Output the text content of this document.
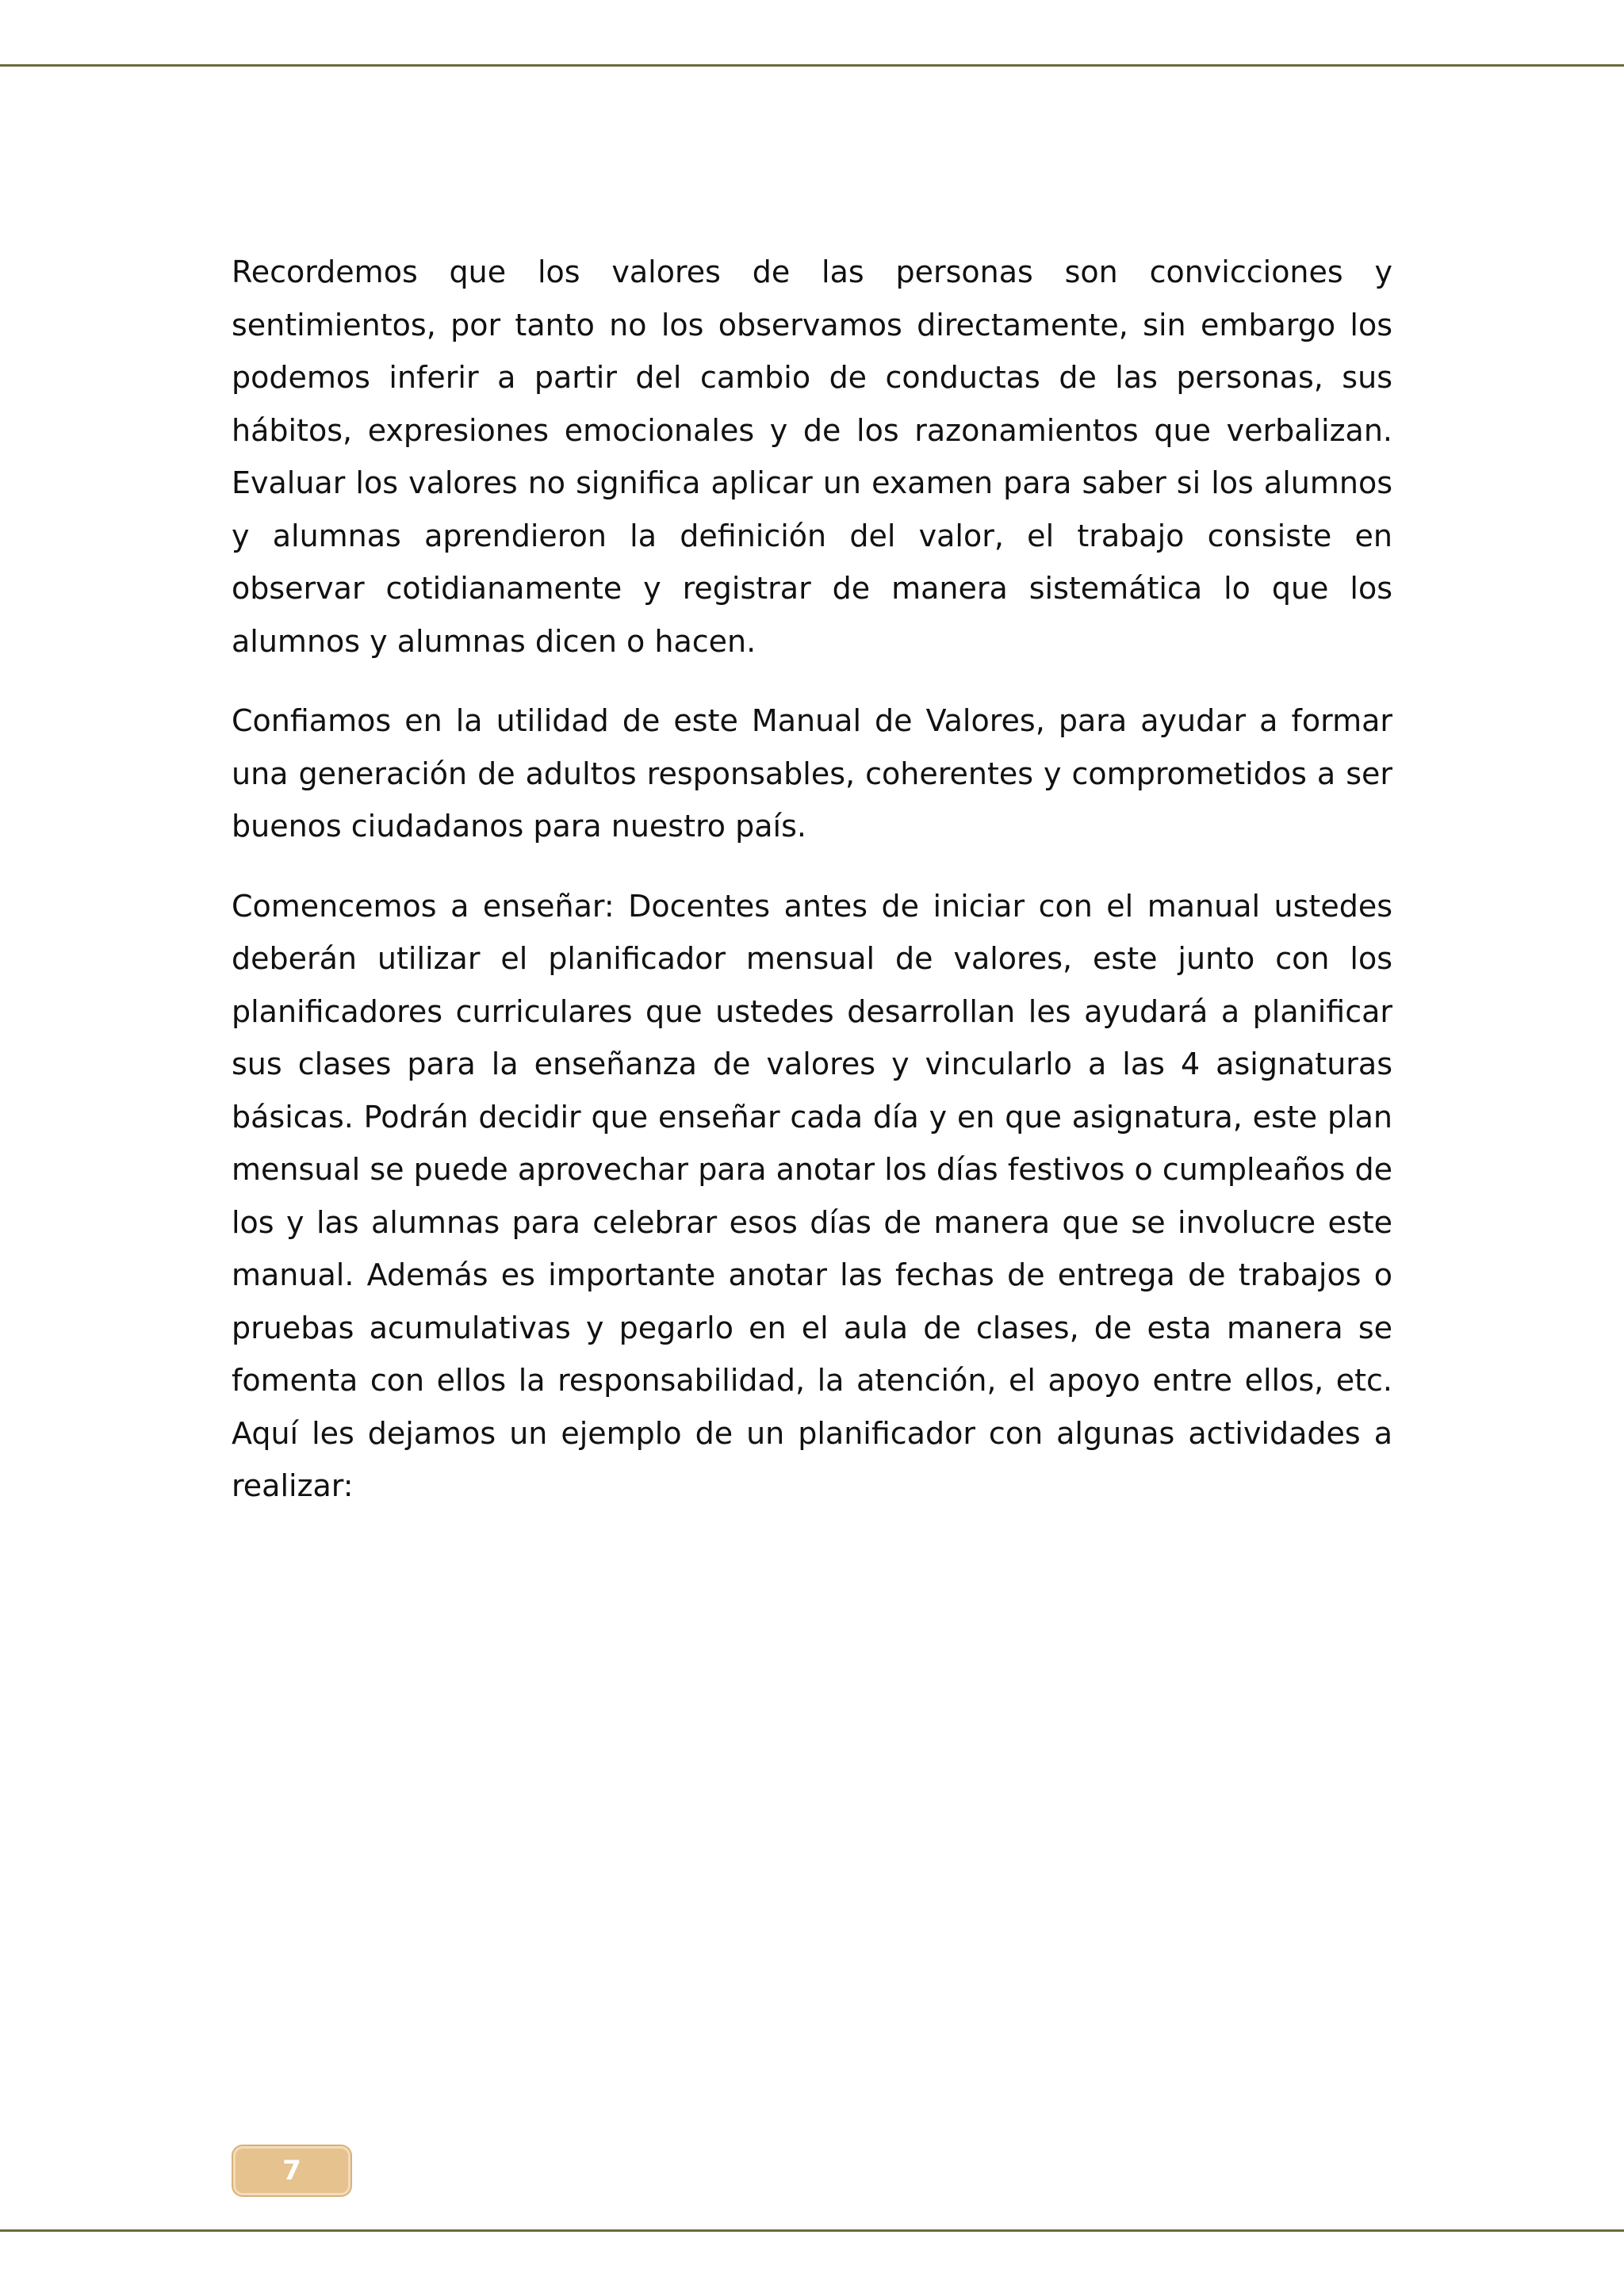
Recordemos que los valores de las personas son convicciones y sentimientos, por tanto no los observamos directamente, sin embargo los podemos inferir a partir del cambio de conductas de las personas, sus hábitos, expresiones emocionales y de los razonamientos que verbalizan. Evaluar los valores no significa aplicar un examen para saber si los alumnos y alumnas aprendieron la definición del valor, el trabajo consiste en observar cotidianamente y registrar de manera sistemática lo que los alumnos y alumnas dicen o hacen.

Confiamos en la utilidad de este Manual de Valores, para ayudar a formar una generación de adultos responsables, coherentes y comprometidos a ser buenos ciudadanos para nuestro país.

Comencemos a enseñar: Docentes antes de iniciar con el manual ustedes deberán utilizar el planificador mensual de valores, este junto con los planificadores curriculares que ustedes desarrollan les ayudará a planificar sus clases para la enseñanza de valores y vincularlo a las 4 asignaturas básicas. Podrán decidir que enseñar cada día y en que asignatura, este plan mensual se puede aprovechar para anotar los días festivos o cumpleaños de los y las alumnas para celebrar esos días de manera que se involucre este manual. Además es importante anotar las fechas de entrega de trabajos o pruebas acumulativas y pegarlo en el aula de clases, de esta manera se fomenta con ellos la responsabilidad, la atención, el apoyo entre ellos, etc. Aquí les dejamos un ejemplo de un planificador con algunas actividades a realizar:

7
